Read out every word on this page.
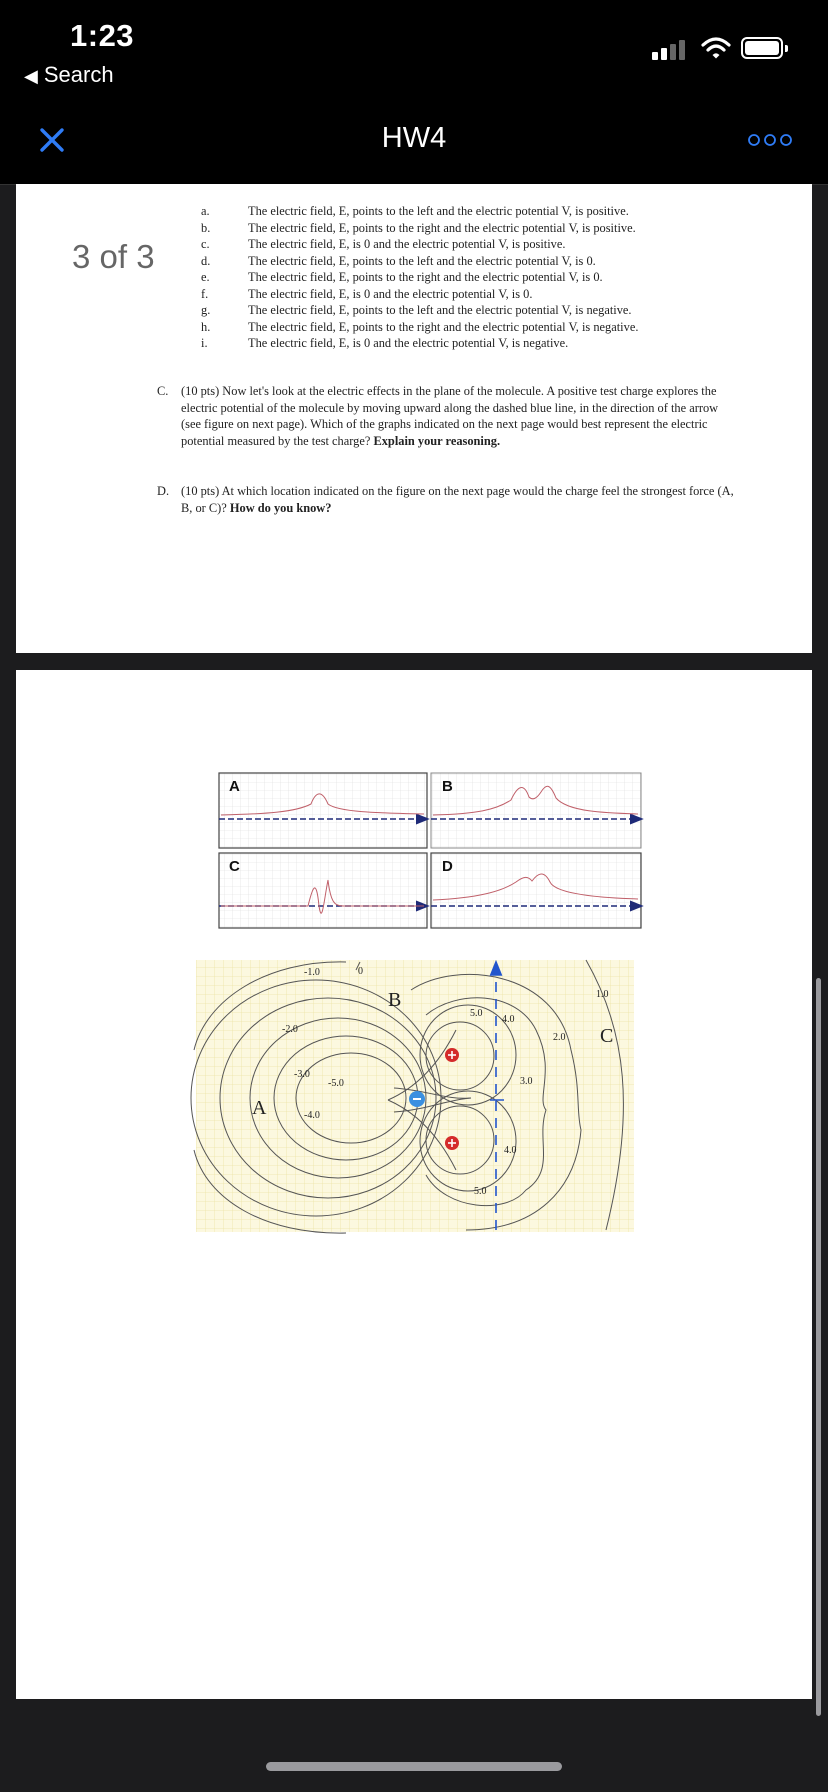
1:23
◀ Search
HW4
3 of 3
a.	The electric field, E, points to the left and the electric potential V, is positive.
b.	The electric field, E, points to the right and the electric potential V, is positive.
c.	The electric field, E, is 0 and the electric potential V, is positive.
d.	The electric field, E, points to the left and the electric potential V, is 0.
e.	The electric field, E, points to the right and the electric potential V, is 0.
f.	The electric field, E, is 0 and the electric potential V, is 0.
g.	The electric field, E, points to the left and the electric potential V, is negative.
h.	The electric field, E, points to the right and the electric potential V, is negative.
i.	The electric field, E, is 0 and the electric potential V, is negative.
C. (10 pts) Now let's look at the electric effects in the plane of the molecule. A positive test charge explores the electric potential of the molecule by moving upward along the dashed blue line, in the direction of the arrow (see figure on next page). Which of the graphs indicated on the next page would best represent the electric potential measured by the test charge? Explain your reasoning.
D. (10 pts) At which location indicated on the figure on the next page would the charge feel the strongest force (A, B, or C)? How do you know?
A	B
C	D
A
B
C
-1.0
-2.0
-3.0
-5.0
-4.0
0
1.0
2.0
3.0
5.0
4.0
4.0
5.0
